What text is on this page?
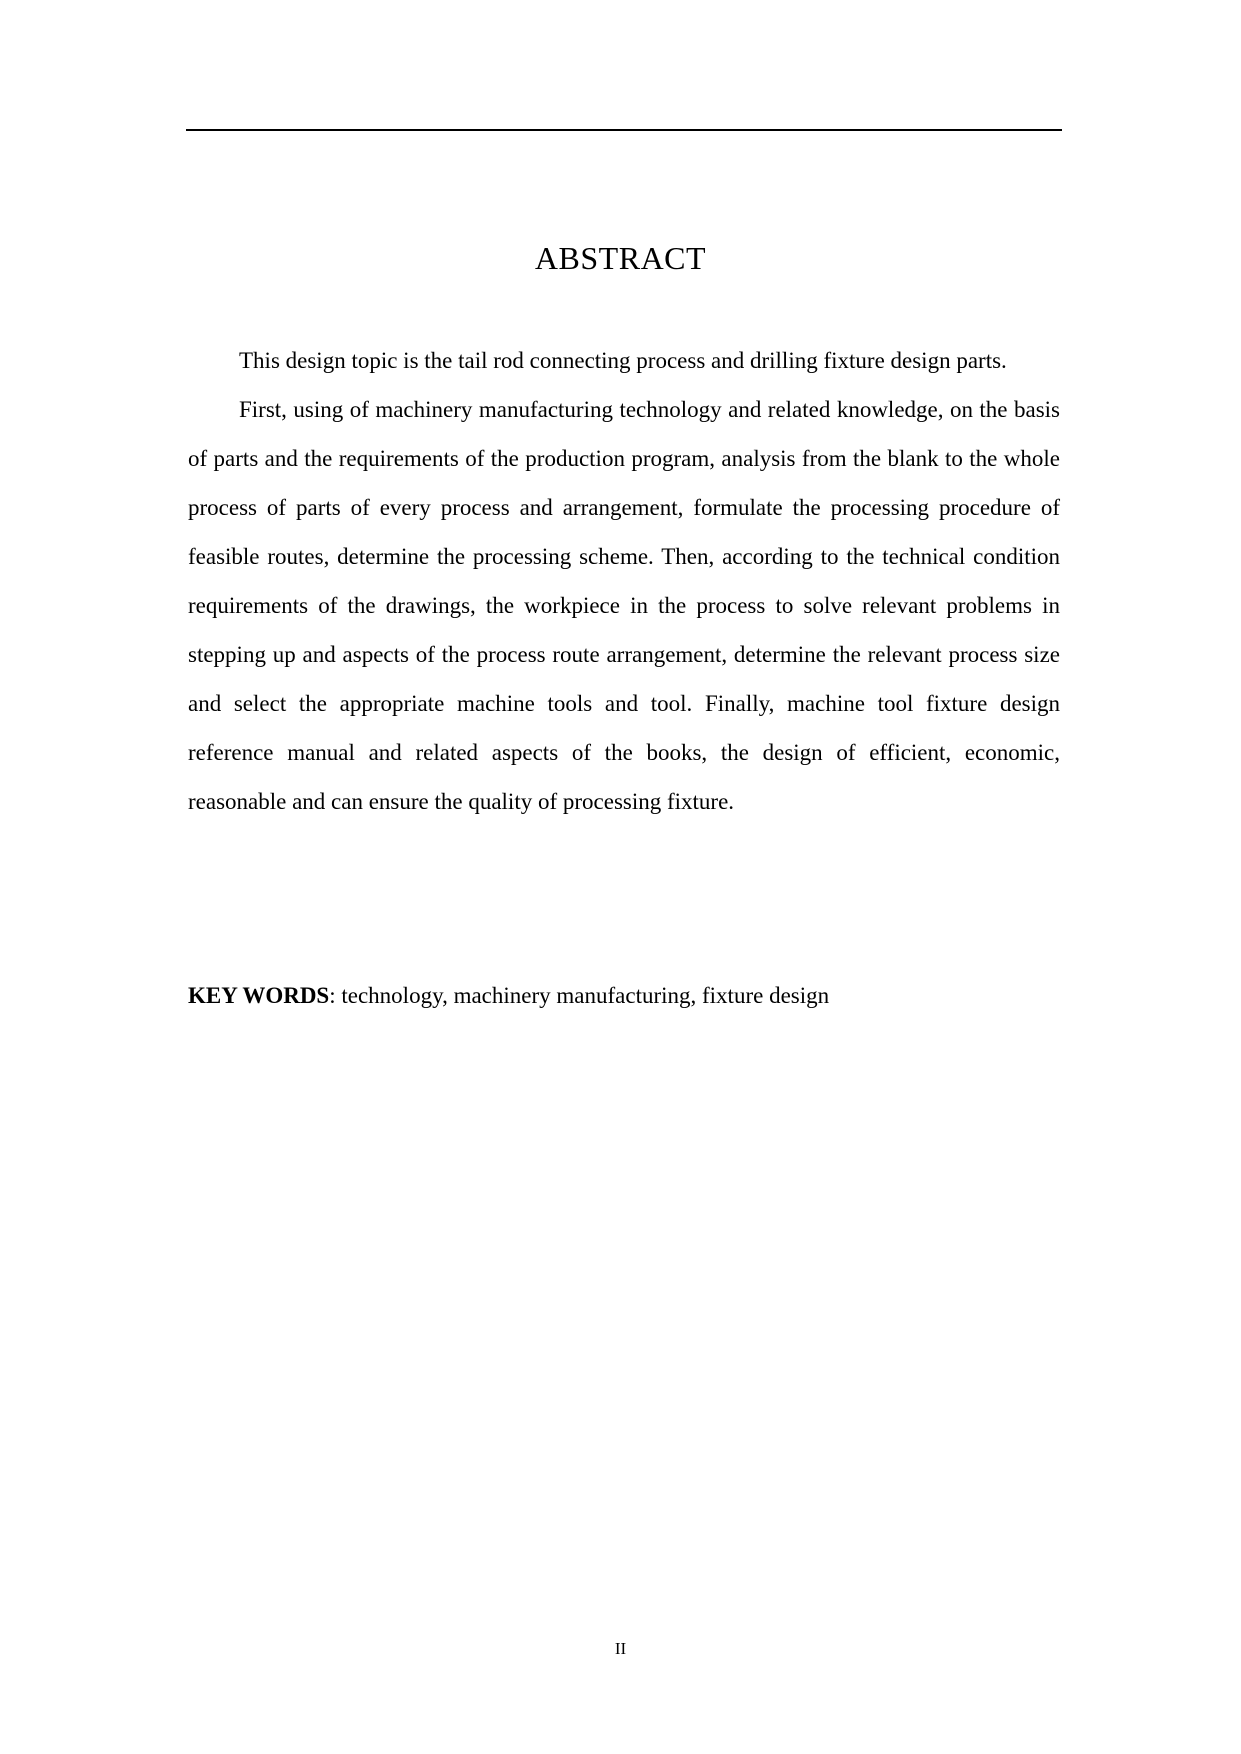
ABSTRACT

This design topic is the tail rod connecting process and drilling fixture design parts.

First, using of machinery manufacturing technology and related knowledge, on the basis of parts and the requirements of the production program, analysis from the blank to the whole process of parts of every process and arrangement, formulate the processing procedure of feasible routes, determine the processing scheme. Then, according to the technical condition requirements of the drawings, the workpiece in the process to solve relevant problems in stepping up and aspects of the process route arrangement, determine the relevant process size and select the appropriate machine tools and tool. Finally, machine tool fixture design reference manual and related aspects of the books, the design of efficient, economic, reasonable and can ensure the quality of processing fixture.

KEY WORDS: technology, machinery manufacturing, fixture design
II
